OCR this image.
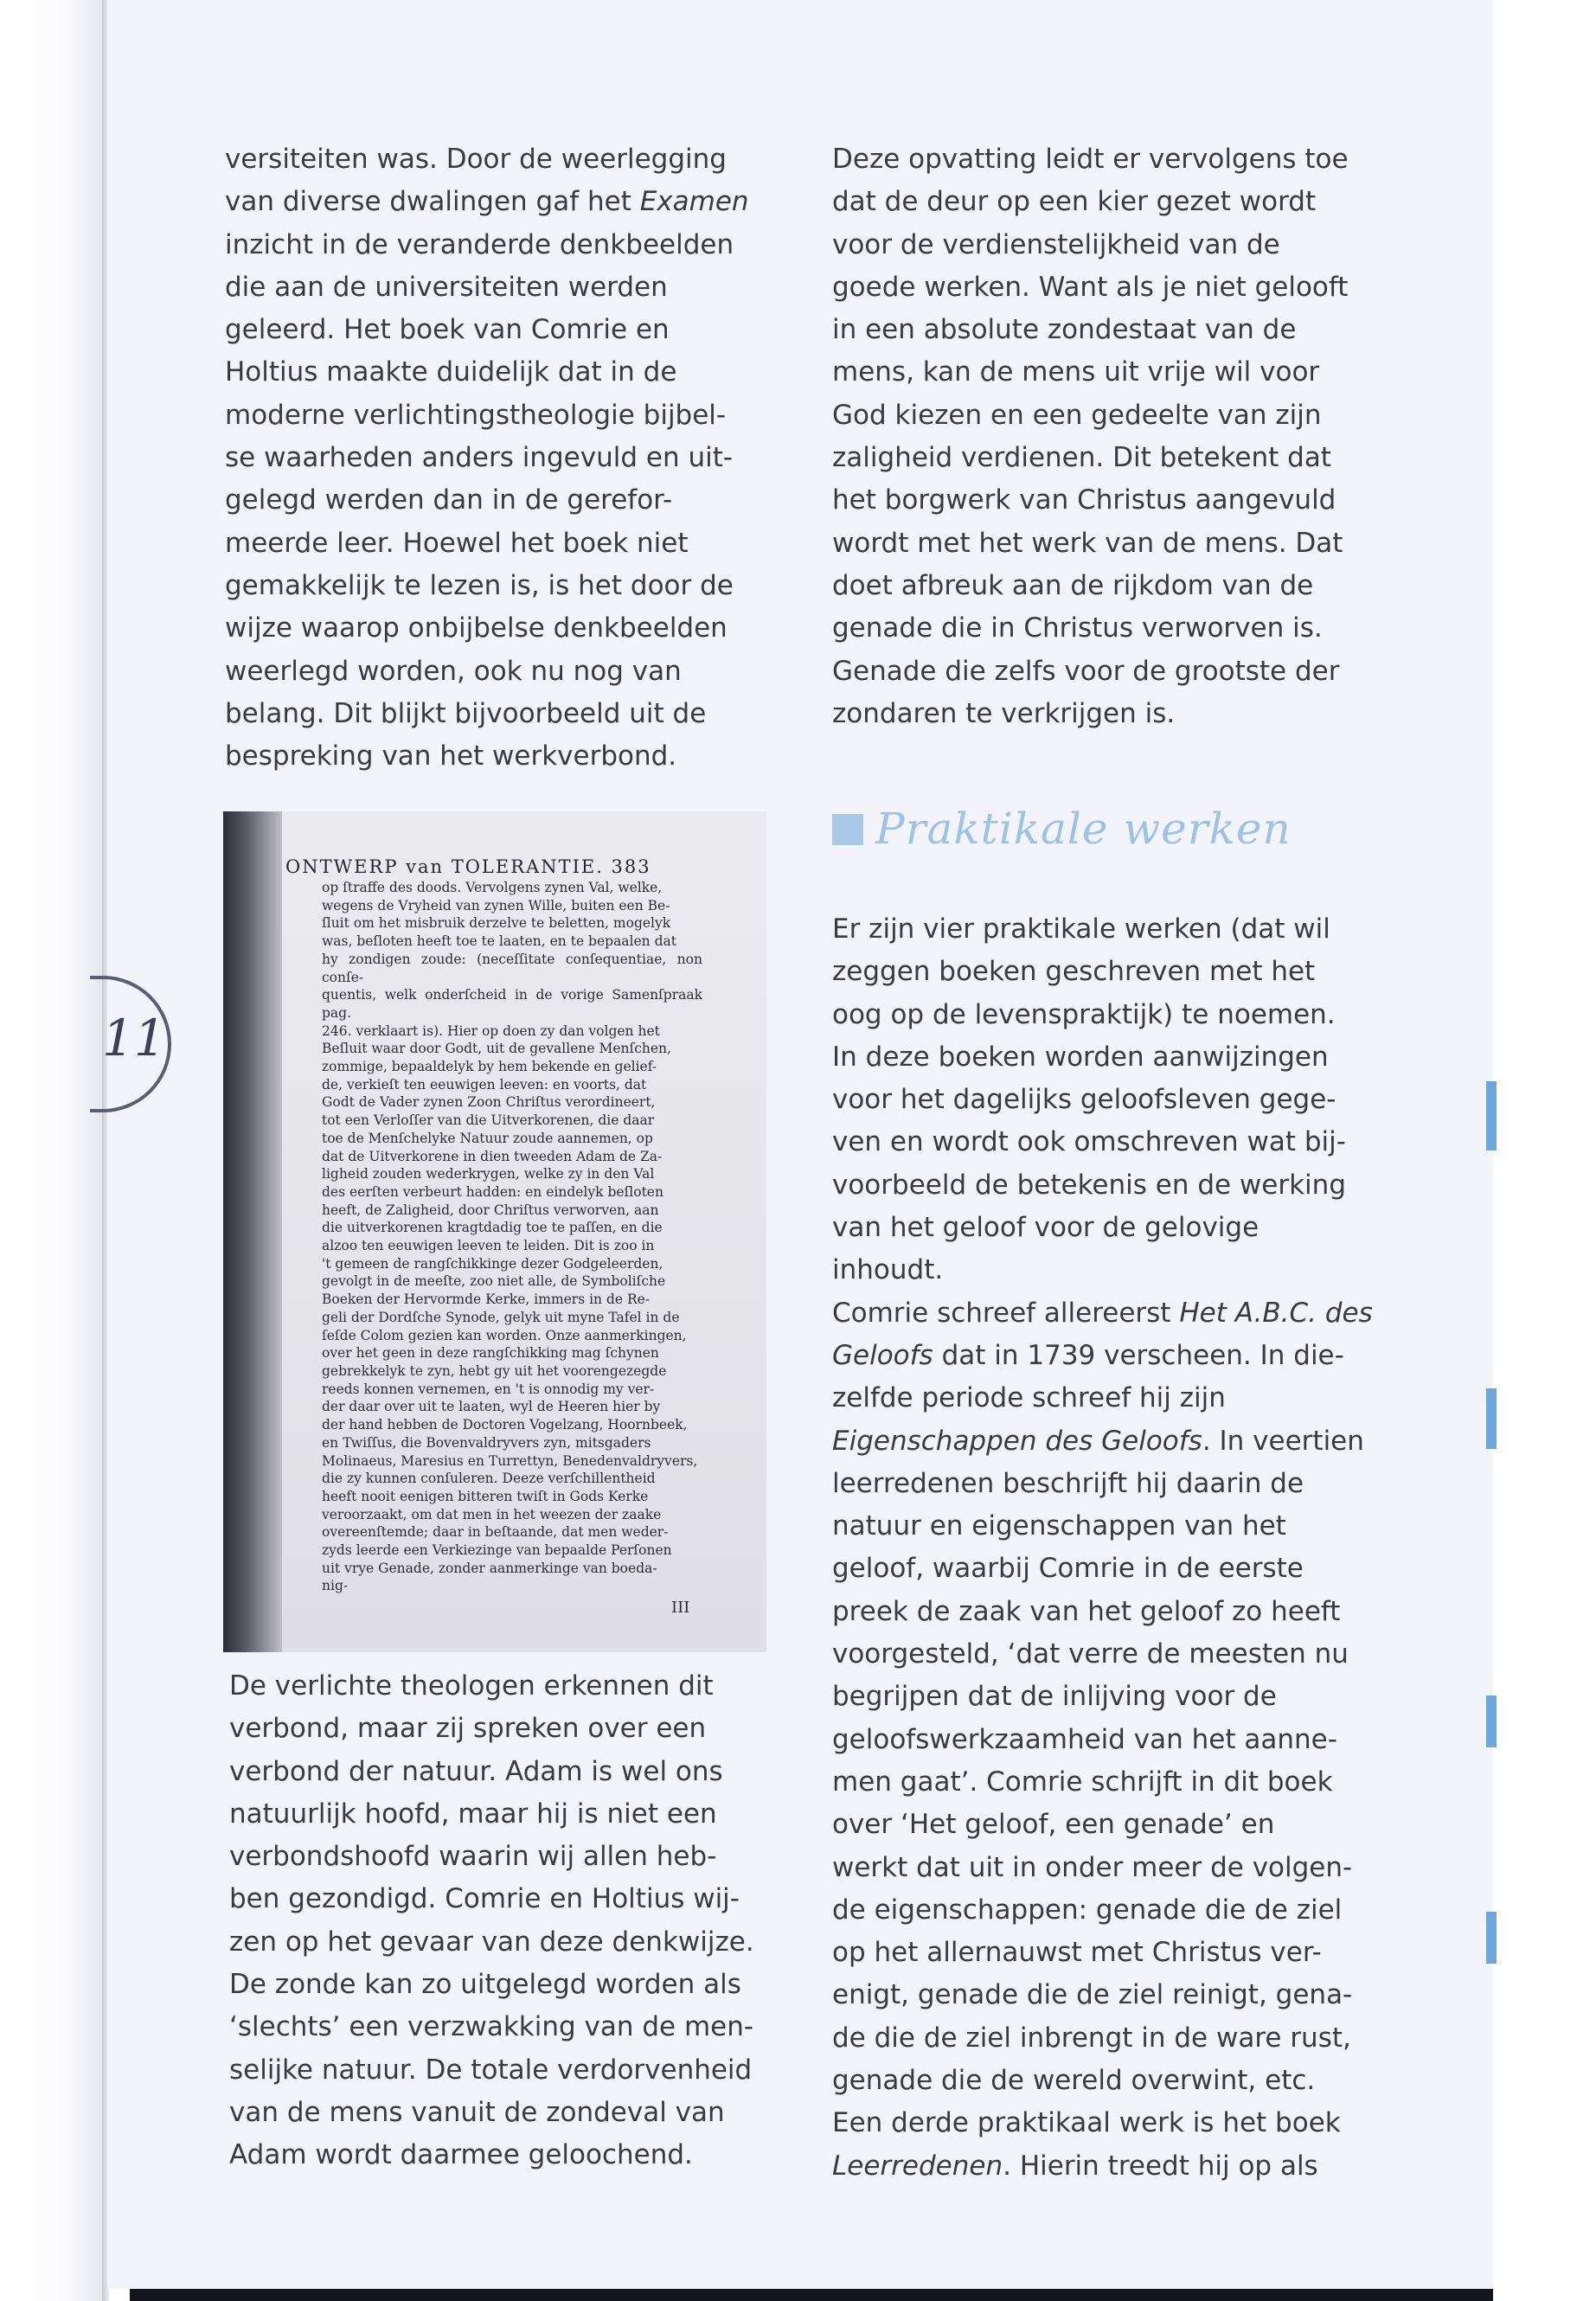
11

versiteiten was. Door de weerlegging

van diverse dwalingen gaf het Examen

inzicht in de veranderde denkbeelden

die aan de universiteiten werden

geleerd. Het boek van Comrie en

Holtius maakte duidelijk dat in de

moderne verlichtingstheologie bijbel-

se waarheden anders ingevuld en uit-

gelegd werden dan in de gerefor-

meerde leer. Hoewel het boek niet

gemakkelijk te lezen is, is het door de

wijze waarop onbijbelse denkbeelden

weerlegd worden, ook nu nog van

belang. Dit blijkt bijvoorbeeld uit de

bespreking van het werkverbond.

ONTWERP van TOLERANTIE. 383

op ſtraffe des doods. Vervolgens zynen Val, welke,

wegens de Vryheid van zynen Wille, buiten een Be-

ſluit om het misbruik derzelve te beletten, mogelyk

was, beſloten heeft toe te laaten, en te bepaalen dat

hy zondigen zoude: (neceſſitate conſequentiae, non conſe-

quentis, welk onderſcheid in de vorige Samenſpraak pag.

246. verklaart is). Hier op doen zy dan volgen het

Beſluit waar door Godt, uit de gevallene Menſchen,

zommige, bepaaldelyk by hem bekende en gelief-

de, verkieſt ten eeuwigen leeven: en voorts, dat

Godt de Vader zynen Zoon Chriſtus verordineert,

tot een Verloſſer van die Uitverkorenen, die daar

toe de Menſchelyke Natuur zoude aannemen, op

dat de Uitverkorene in dien tweeden Adam de Za-

ligheid zouden wederkrygen, welke zy in den Val

des eerſten verbeurt hadden: en eindelyk beſloten

heeft, de Zaligheid, door Chriſtus verworven, aan

die uitverkorenen kragtdadig toe te paſſen, en die

alzoo ten eeuwigen leeven te leiden. Dit is zoo in

't gemeen de rangſchikkinge dezer Godgeleerden,

gevolgt in de meeſte, zoo niet alle, de Symboliſche

Boeken der Hervormde Kerke, immers in de Re-

geli der Dordſche Synode, gelyk uit myne Tafel in de

ſeſde Colom gezien kan worden. Onze aanmerkingen,

over het geen in deze rangſchikking mag ſchynen

gebrekkelyk te zyn, hebt gy uit het voorengezegde

reeds konnen vernemen, en 't is onnodig my ver-

der daar over uit te laaten, wyl de Heeren hier by

der hand hebben de Doctoren Vogelzang, Hoornbeek,

en Twiſſus, die Bovenvaldryvers zyn, mitsgaders

Molinaeus, Maresius en Turrettyn, Benedenvaldryvers,

die zy kunnen conſuleren. Deeze verſchillentheid

heeft nooit eenigen bitteren twiſt in Gods Kerke

veroorzaakt, om dat men in het weezen der zaake

overeenſtemde; daar in beſtaande, dat men weder-

zyds leerde een Verkiezinge van bepaalde Perſonen

uit vrye Genade, zonder aanmerkinge van boeda-

nig-

III

De verlichte theologen erkennen dit

verbond, maar zij spreken over een

verbond der natuur. Adam is wel ons

natuurlijk hoofd, maar hij is niet een

verbondshoofd waarin wij allen heb-

ben gezondigd. Comrie en Holtius wij-

zen op het gevaar van deze denkwijze.

De zonde kan zo uitgelegd worden als

‘slechts’ een verzwakking van de men-

selijke natuur. De totale verdorvenheid

van de mens vanuit de zondeval van

Adam wordt daarmee geloochend.

Deze opvatting leidt er vervolgens toe

dat de deur op een kier gezet wordt

voor de verdienstelijkheid van de

goede werken. Want als je niet gelooft

in een absolute zondestaat van de

mens, kan de mens uit vrije wil voor

God kiezen en een gedeelte van zijn

zaligheid verdienen. Dit betekent dat

het borgwerk van Christus aangevuld

wordt met het werk van de mens. Dat

doet afbreuk aan de rijkdom van de

genade die in Christus verworven is.

Genade die zelfs voor de grootste der

zondaren te verkrijgen is.

Praktikale werken

Er zijn vier praktikale werken (dat wil

zeggen boeken geschreven met het

oog op de levenspraktijk) te noemen.

In deze boeken worden aanwijzingen

voor het dagelijks geloofsleven gege-

ven en wordt ook omschreven wat bij-

voorbeeld de betekenis en de werking

van het geloof voor de gelovige

inhoudt.

Comrie schreef allereerst Het A.B.C. des

Geloofs dat in 1739 verscheen. In die-

zelfde periode schreef hij zijn

Eigenschappen des Geloofs. In veertien

leerredenen beschrijft hij daarin de

natuur en eigenschappen van het

geloof, waarbij Comrie in de eerste

preek de zaak van het geloof zo heeft

voorgesteld, ‘dat verre de meesten nu

begrijpen dat de inlijving voor de

geloofswerkzaamheid van het aanne-

men gaat’. Comrie schrijft in dit boek

over ‘Het geloof, een genade’ en

werkt dat uit in onder meer de volgen-

de eigenschappen: genade die de ziel

op het allernauwst met Christus ver-

enigt, genade die de ziel reinigt, gena-

de die de ziel inbrengt in de ware rust,

genade die de wereld overwint, etc.

Een derde praktikaal werk is het boek

Leerredenen. Hierin treedt hij op als
